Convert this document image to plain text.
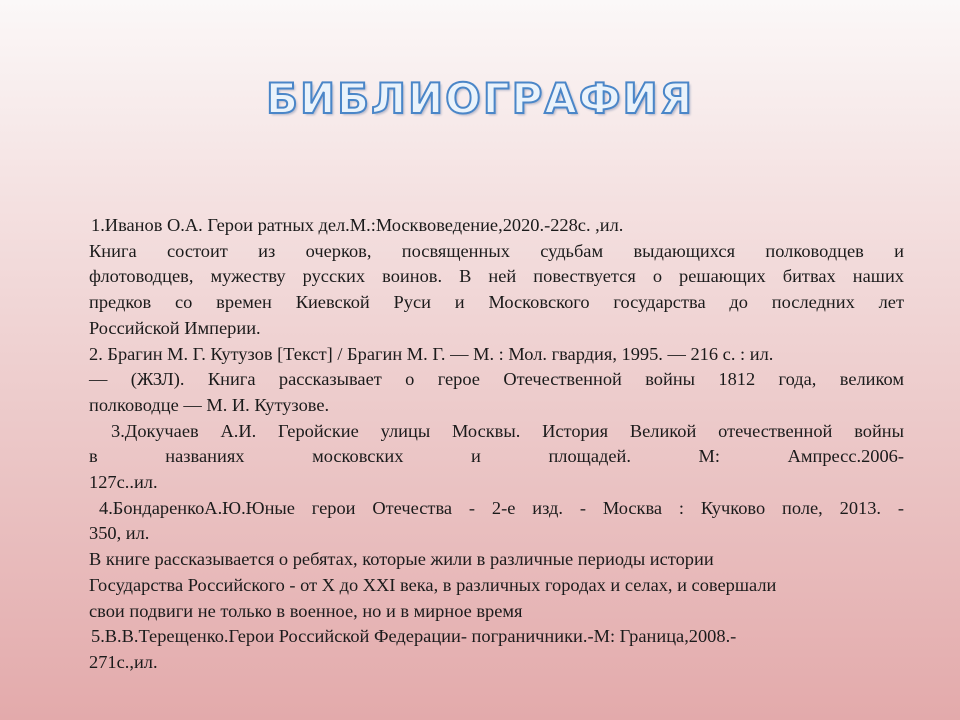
БИБЛИОГРАФИЯ

1.Иванов О.А. Герои ратных дел.М.:Москвоведение,2020.-228с. ,ил.

Книга состоит из очерков, посвященных судьбам выдающихся полководцев и

флотоводцев, мужеству русских воинов. В ней повествуется о решающих битвах наших

предков со времен Киевской Руси и Московского государства до последних лет

Российской Империи.

2. Брагин М. Г. Кутузов [Текст] / Брагин М. Г. — М. : Мол. гвардия, 1995. — 216 с. : ил.

— (ЖЗЛ). Книга рассказывает о герое Отечественной войны 1812 года, великом

полководце — М. И. Кутузове.

3.Докучаев А.И. Геройские улицы Москвы. История Великой отечественной войны

в названиях московских и площадей. М: Ампресс.2006-

127с..ил.

4.БондаренкоА.Ю.Юные герои Отечества - 2-е изд. - Москва : Кучково поле, 2013. -

350, ил.

В книге рассказывается о ребятах, которые жили в различные периоды истории

Государства Российского - от X до XXI века, в различных городах и селах, и совершали

свои подвиги не только в военное, но и в мирное время

5.В.В.Терещенко.Герои Российской Федерации- пограничники.-М: Граница,2008.-

271с.,ил.
